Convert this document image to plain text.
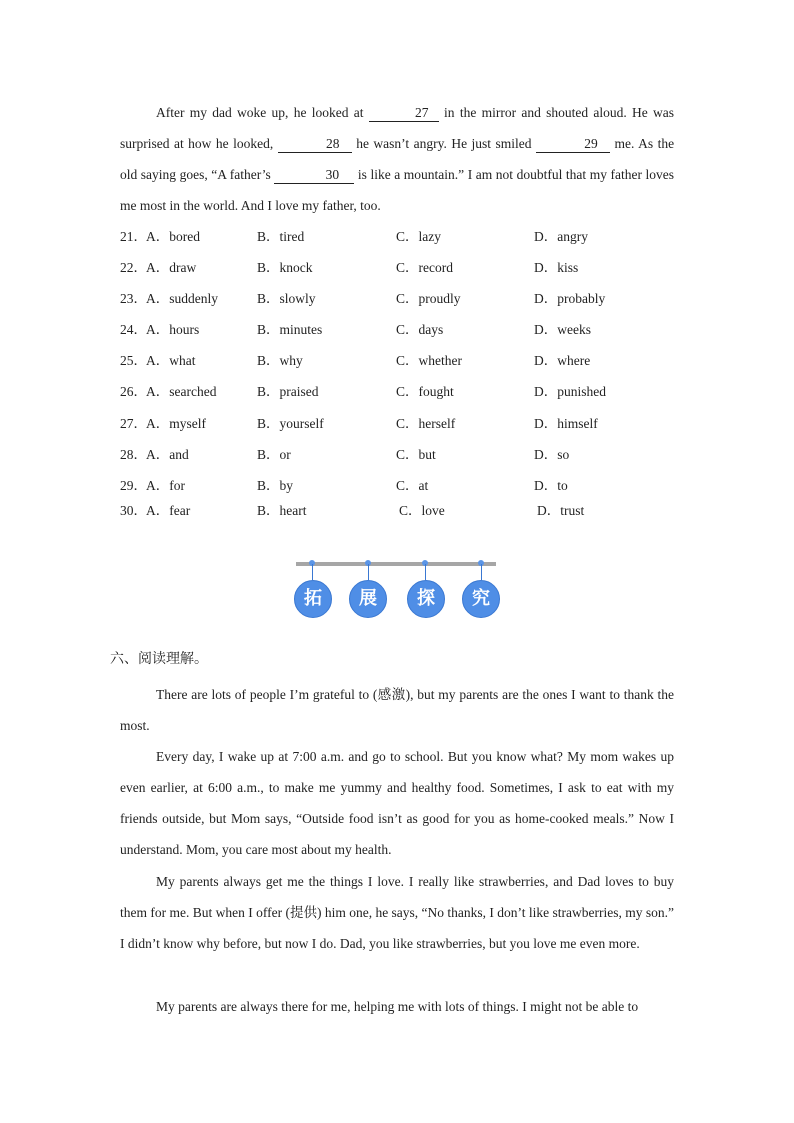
After my dad woke up, he looked at	27 in the mirror and shouted aloud. He was surprised at how he looked,	28 he wasn’t angry. He just smiled	29 me. As the old saying goes, “A father’s	30 is like a mountain.” I am not doubtful that my father loves me most in the world. And I love my father, too.
21． A．bored	B．tired	C．lazy	D．angry
22． A．draw	B．knock	C．record	D．kiss
23． A．suddenly	B．slowly	C．proudly	D．probably
24． A．hours	B．minutes	C．days	D．weeks
25． A．what	B．why	C．whether	D．where
26． A．searched	B．praised	C．fought	D．punished
27． A．myself	B．yourself	C．herself	D．himself
28． A．and	B．or	C．but	D．so
29． A．for	B．by	C．at	D．to
30． A．fear	B．heart	C．love	D．trust
拓	展	探	究
六、阅读理解。
There are lots of people I’m grateful to (感激), but my parents are the ones I want to thank the most.
Every day, I wake up at 7:00 a.m. and go to school. But you know what? My mom wakes up even earlier, at 6:00 a.m., to make me yummy and healthy food. Sometimes, I ask to eat with my friends outside, but Mom says, “Outside food isn’t as good for you as home-cooked meals.” Now I understand. Mom, you care most about my health.
My parents always get me the things I love. I really like strawberries, and Dad loves to buy them for me. But when I offer (提供) him one, he says, “No thanks, I don’t like strawberries, my son.” I didn’t know why before, but now I do. Dad, you like strawberries, but you love me even more.
My parents are always there for me, helping me with lots of things. I might not be able to
